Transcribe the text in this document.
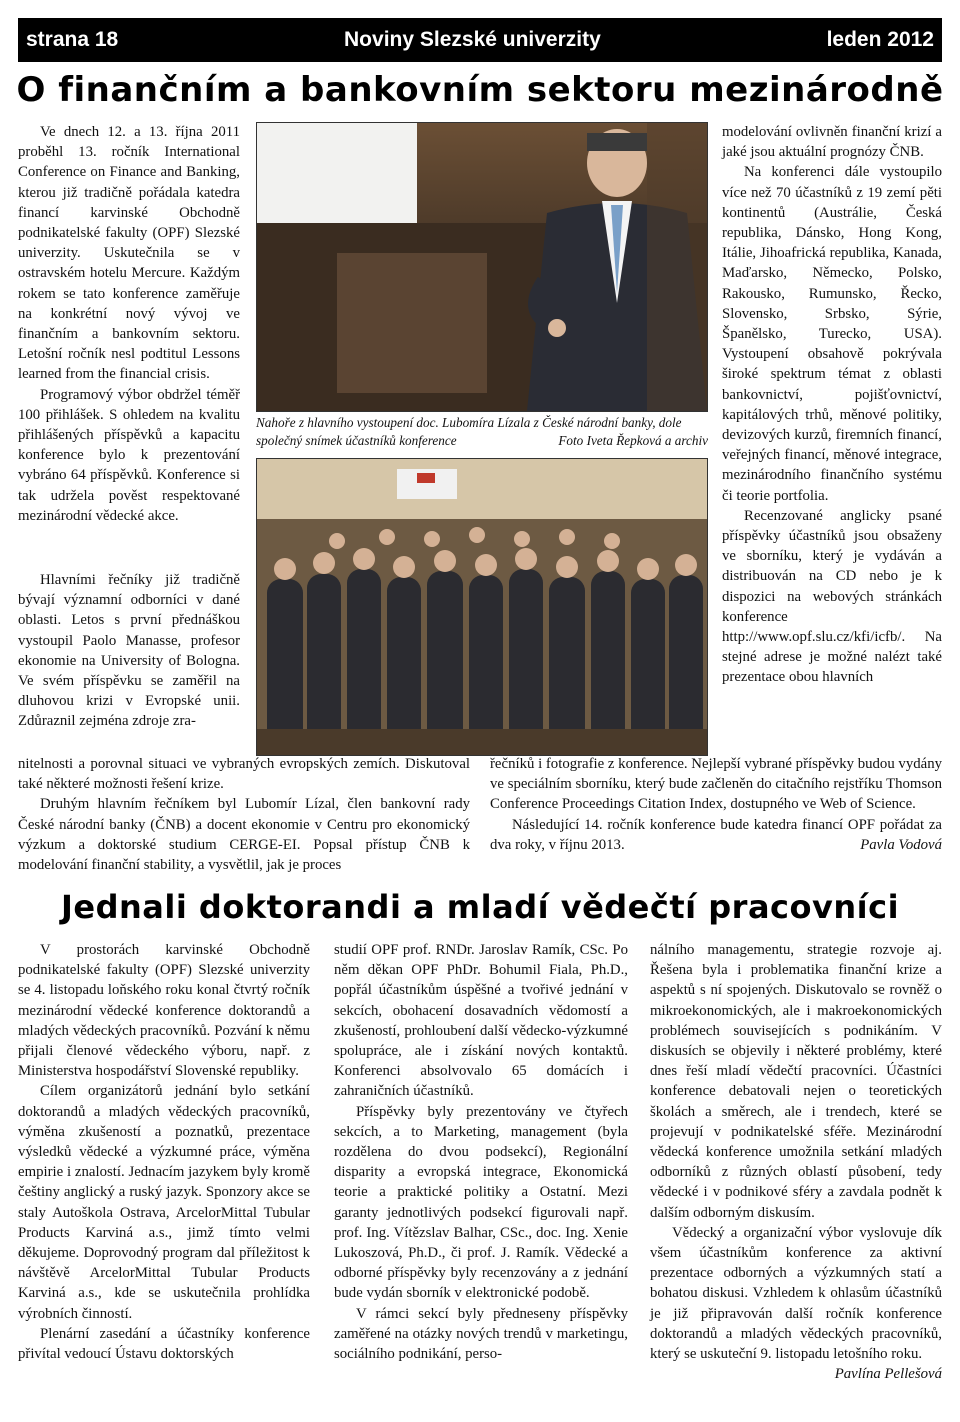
strana 18	Noviny Slezské univerzity	leden 2012
O finančním a bankovním sektoru mezinárodně

Ve dnech 12. a 13. října 2011 proběhl 13. ročník International Conference on Finance and Banking, kterou již tradičně pořádala katedra financí karvinské Obchodně podnikatelské fakulty (OPF) Slezské univerzity. Uskutečnila se v ostravském hotelu Mercure. Každým rokem se tato konference zaměřuje na konkrétní nový vývoj ve finančním a bankovním sektoru. Letošní ročník nesl podtitul Lessons learned from the financial crisis.

Programový výbor obdržel téměř 100 přihlášek. S ohledem na kvalitu přihlášených příspěvků a kapacitu konference bylo k prezentování vybráno 64 příspěvků. Konference si tak udržela pověst respektované mezinárodní vědecké akce.

Hlavními řečníky již tradičně bývají významní odborníci v dané oblasti. Letos s první přednáškou vystoupil Paolo Manasse, profesor ekonomie na University of Bologna. Ve svém příspěvku se zaměřil na dluhovou krizi v Evropské unii. Zdůraznil zejména zdroje zra-

nitelnosti a porovnal situaci ve vybraných evropských zemích. Diskutoval také některé možnosti řešení krize.

Druhým hlavním řečníkem byl Lubomír Lízal, člen bankovní rady České národní banky (ČNB) a docent ekonomie v Centru pro ekonomický výzkum a doktorské studium CERGE-EI. Popsal přístup ČNB k modelování finanční stability, a vysvětlil, jak je proces

Nahoře z hlavního vystoupení doc. Lubomíra Lízala z České národní banky, dole společný snímek účastníků konference	Foto Iveta Řepková a archiv

modelování ovlivněn finanční krizí a jaké jsou aktuální prognózy ČNB.

Na konferenci dále vystoupilo více než 70 účastníků z 19 zemí pěti kontinentů (Austrálie, Česká republika, Dánsko, Hong Kong, Itálie, Jihoafrická republika, Kanada, Maďarsko, Německo, Polsko, Rakousko, Rumunsko, Řecko, Slovensko, Srbsko, Sýrie, Španělsko, Turecko, USA). Vystoupení obsahově pokrývala široké spektrum témat z oblasti bankovnictví, pojišťovnictví, kapitálových trhů, měnové politiky, devizových kurzů, firemních financí, veřejných financí, měnové integrace, mezinárodního finančního systému či teorie portfolia.

Recenzované anglicky psané příspěvky účastníků jsou obsaženy ve sborníku, který je vydáván a distribuován na CD nebo je k dispozici na webových stránkách konference http://www.opf.slu.cz/kfi/icfb/. Na stejné adrese je možné nalézt také prezentace obou hlavních

řečníků i fotografie z konference. Nejlepší vybrané příspěvky budou vydány ve speciálním sborníku, který bude začleněn do citačního rejstříku Thomson Conference Proceedings Citation Index, dostupného ve Web of Science.

Následující 14. ročník konference bude katedra financí OPF pořádat za dva roky, v říjnu 2013.	Pavla Vodová

Jednali doktorandi a mladí vědečtí pracovníci

V prostorách karvinské Obchodně podnikatelské fakulty (OPF) Slezské univerzity se 4. listopadu loňského roku konal čtvrtý ročník mezinárodní vědecké konference doktorandů a mladých vědeckých pracovníků. Pozvání k němu přijali členové vědeckého výboru, např. z Ministerstva hospodářství Slovenské republiky.

Cílem organizátorů jednání bylo setkání doktorandů a mladých vědeckých pracovníků, výměna zkušeností a poznatků, prezentace výsledků vědecké a výzkumné práce, výměna empirie i znalostí. Jednacím jazykem byly kromě češtiny anglický a ruský jazyk. Sponzory akce se staly Autoškola Ostrava, ArcelorMittal Tubular Products Karviná a.s., jimž tímto velmi děkujeme. Doprovodný program dal příležitost k návštěvě ArcelorMittal Tubular Products Karviná a.s., kde se uskutečnila prohlídka výrobních činností.

Plenární zasedání a účastníky konference přivítal vedoucí Ústavu doktorských

studií OPF prof. RNDr. Jaroslav Ramík, CSc. Po něm děkan OPF PhDr. Bohumil Fiala, Ph.D., popřál účastníkům úspěšné a tvořivé jednání v sekcích, obohacení dosavadních vědomostí a zkušeností, prohloubení další vědecko-výzkumné spolupráce, ale i získání nových kontaktů. Konferenci absolvovalo 65 domácích i zahraničních účastníků.

Příspěvky byly prezentovány ve čtyřech sekcích, a to Marketing, management (byla rozdělena do dvou podsekcí), Regionální disparity a evropská integrace, Ekonomická teorie a praktické politiky a Ostatní. Mezi garanty jednotlivých podsekcí figurovali např. prof. Ing. Vítězslav Balhar, CSc., doc. Ing. Xenie Lukoszová, Ph.D., či prof. J. Ramík. Vědecké a odborné příspěvky byly recenzovány a z jednání bude vydán sborník v elektronické podobě.

V rámci sekcí byly předneseny příspěvky zaměřené na otázky nových trendů v marketingu, sociálního podnikání, perso-

nálního managementu, strategie rozvoje aj. Řešena byla i problematika finanční krize a aspektů s ní spojených. Diskutovalo se rovněž o mikroekonomických, ale i makroekonomických problémech souvisejících s podnikáním. V diskusích se objevily i některé problémy, které dnes řeší mladí vědečtí pracovníci. Účastníci konference debatovali nejen o teoretických školách a směrech, ale i trendech, které se projevují v podnikatelské sféře. Mezinárodní vědecká konference umožnila setkání mladých odborníků z různých oblastí působení, tedy vědecké i v podnikové sféry a zavdala podnět k dalším odborným diskusím.

Vědecký a organizační výbor vyslovuje dík všem účastníkům konference za aktivní prezentace odborných a výzkumných statí a bohatou diskusi. Vzhledem k ohlasům účastníků je již připravován další ročník konference doktorandů a mladých vědeckých pracovníků, který se uskuteční 9. listopadu letošního roku.
Pavlína Pellešová
